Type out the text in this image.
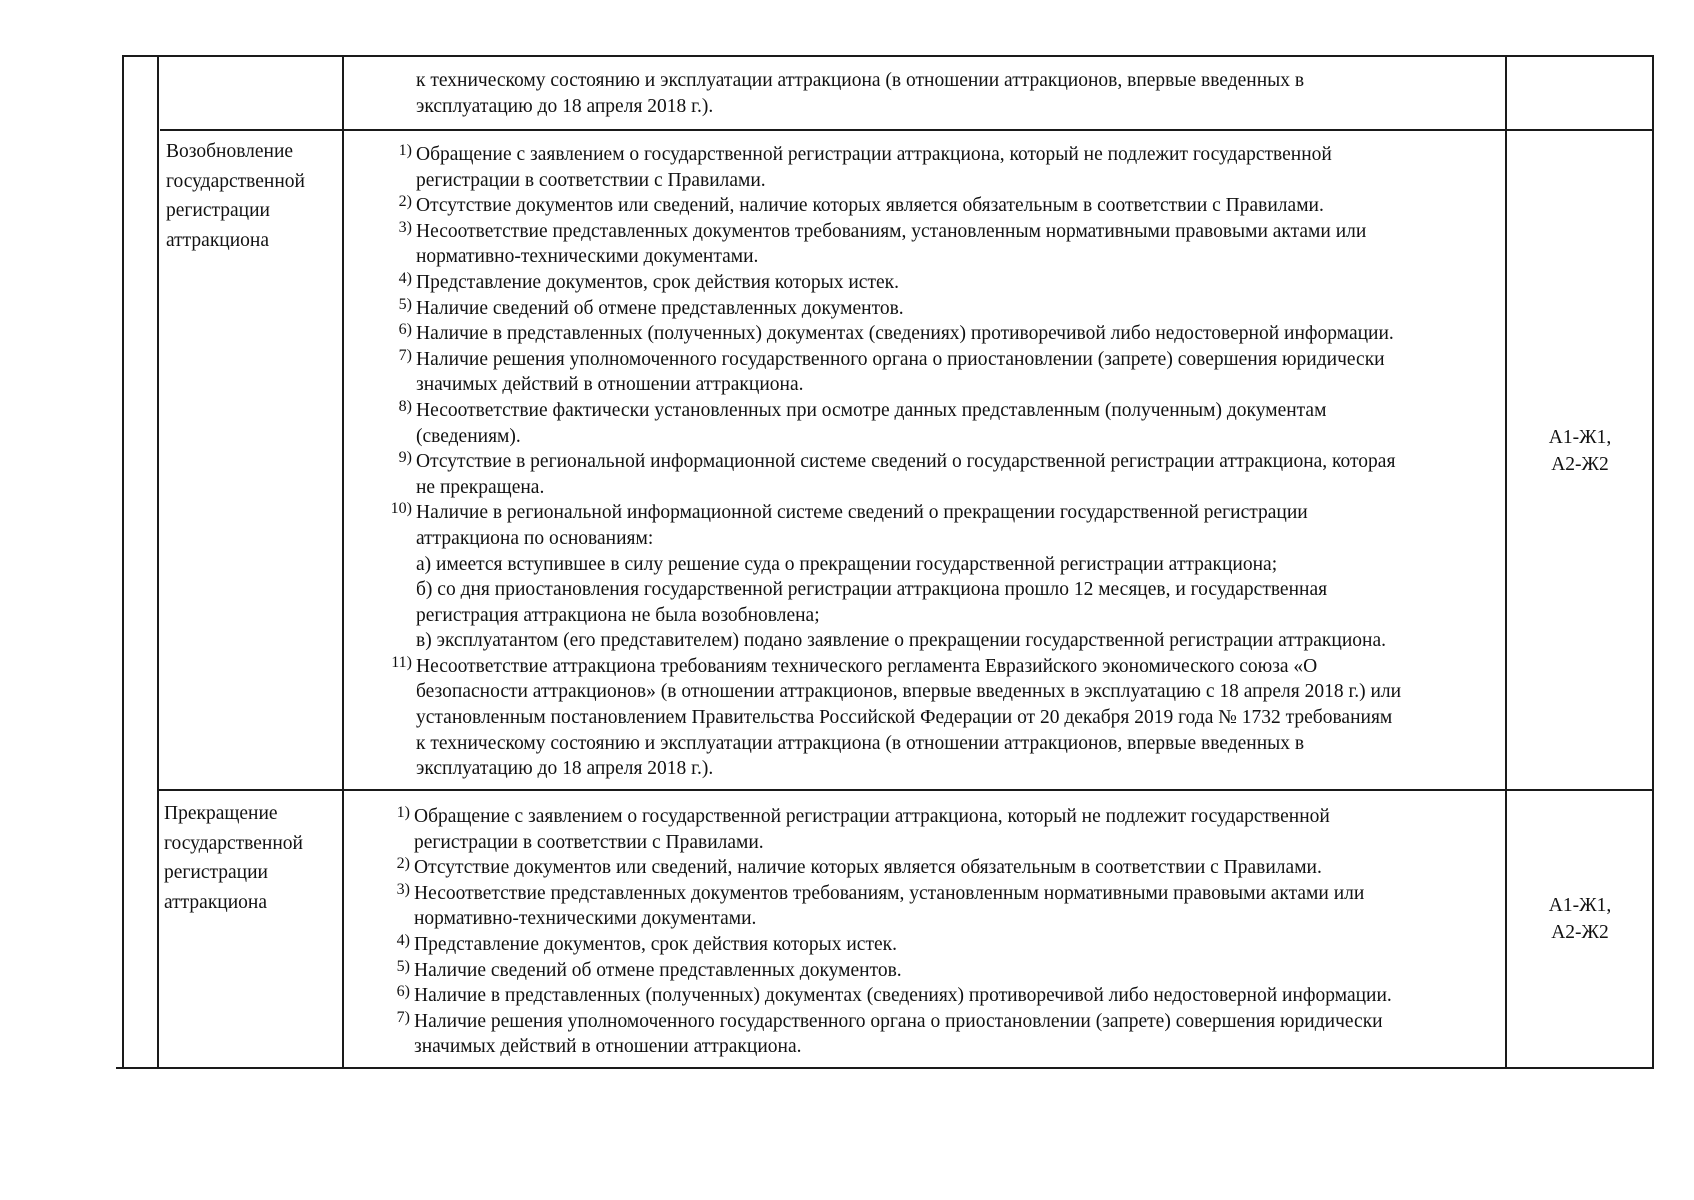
к техническому состоянию и эксплуатации аттракциона (в отношении аттракционов, впервые введенных в
эксплуатацию до 18 апреля 2018 г.).
Возобновление
государственной
регистрации
аттракциона
1) Обращение с заявлением о государственной регистрации аттракциона, который не подлежит государственной
регистрации в соответствии с Правилами.
2) Отсутствие документов или сведений, наличие которых является обязательным в соответствии с Правилами.
3) Несоответствие представленных документов требованиям, установленным нормативными правовыми актами или
нормативно-техническими документами.
4) Представление документов, срок действия которых истек.
5) Наличие сведений об отмене представленных документов.
6) Наличие в представленных (полученных) документах (сведениях) противоречивой либо недостоверной информации.
7) Наличие решения уполномоченного государственного органа о приостановлении (запрете) совершения юридически
значимых действий в отношении аттракциона.
8) Несоответствие фактически установленных при осмотре данных представленным (полученным) документам
(сведениям).
9) Отсутствие в региональной информационной системе сведений о государственной регистрации аттракциона, которая
не прекращена.
10) Наличие в региональной информационной системе сведений о прекращении государственной регистрации
аттракциона по основаниям:
а) имеется вступившее в силу решение суда о прекращении государственной регистрации аттракциона;
б) со дня приостановления государственной регистрации аттракциона прошло 12 месяцев, и государственная
регистрация аттракциона не была возобновлена;
в) эксплуатантом (его представителем) подано заявление о прекращении государственной регистрации аттракциона.
11) Несоответствие аттракциона требованиям технического регламента Евразийского экономического союза «О
безопасности аттракционов» (в отношении аттракционов, впервые введенных в эксплуатацию с 18 апреля 2018 г.) или
установленным постановлением Правительства Российской Федерации от 20 декабря 2019 года № 1732 требованиям
к техническому состоянию и эксплуатации аттракциона (в отношении аттракционов, впервые введенных в
эксплуатацию до 18 апреля 2018 г.).
А1-Ж1,
А2-Ж2
Прекращение
государственной
регистрации
аттракциона
1) Обращение с заявлением о государственной регистрации аттракциона, который не подлежит государственной
регистрации в соответствии с Правилами.
2) Отсутствие документов или сведений, наличие которых является обязательным в соответствии с Правилами.
3) Несоответствие представленных документов требованиям, установленным нормативными правовыми актами или
нормативно-техническими документами.
4) Представление документов, срок действия которых истек.
5) Наличие сведений об отмене представленных документов.
6) Наличие в представленных (полученных) документах (сведениях) противоречивой либо недостоверной информации.
7) Наличие решения уполномоченного государственного органа о приостановлении (запрете) совершения юридически
значимых действий в отношении аттракциона.
А1-Ж1,
А2-Ж2
